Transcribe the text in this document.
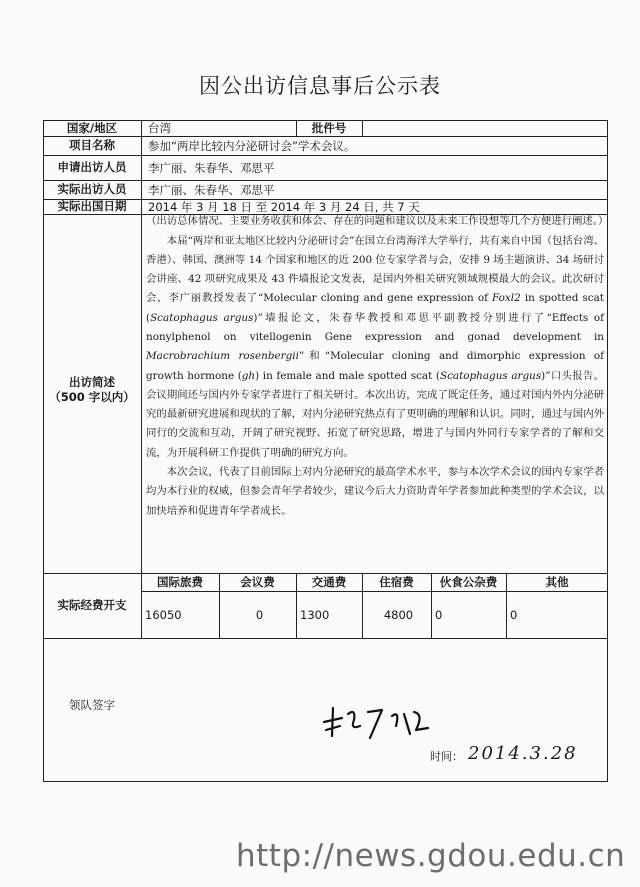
因公出访信息事后公示表
国家/地区	台湾	批件号
项目名称	参加“两岸比较内分泌研讨会”学术会议。
申请出访人员	李广丽、朱春华、邓思平
实际出访人员	李广丽、朱春华、邓思平
实际出国日期	2014 年 3 月 18 日 至 2014 年 3 月 24 日, 共 7 天
出访简述
（500 字以内）

（出访总体情况、主要业务收获和体会、存在的问题和建议以及未来工作设想等几个方便进行阐述。）

本届“两岸和亚太地区比较内分泌研讨会”在国立台湾海洋大学举行，共有来自中国（包括台湾、香港）、韩国、澳洲等 14 个国家和地区的近 200 位专家学者与会，安排 9 场主题演讲、34 场研讨会讲座、42 项研究成果及 43 件墙报论文发表，是国内外相关研究领域规模最大的会议。此次研讨会，李广丽教授发表了“Molecular cloning and gene expression of Foxl2 in spotted scat (Scatophagus argus)”墙报论文，朱春华教授和邓思平副教授分别进行了“Effects of nonylphenol on vitellogenin Gene expression and gonad development in Macrobrachium rosenbergii”和“Molecular cloning and dimorphic expression of growth hormone (gh) in female and male spotted scat (Scatophagus argus)”口头报告。会议期间还与国内外专家学者进行了相关研讨。本次出访，完成了既定任务，通过对国内外内分泌研究的最新研究进展和现状的了解，对内分泌研究热点有了更明确的理解和认识。同时，通过与国内外同行的交流和互动，开阔了研究视野、拓宽了研究思路，增进了与国内外同行专家学者的了解和交流，为开展科研工作提供了明确的研究方向。

本次会议，代表了目前国际上对内分泌研究的最高学术水平，参与本次学术会议的国内专家学者均为本行业的权威，但参会青年学者较少，建议今后大力资助青年学者参加此种类型的学术会议，以加快培养和促进青年学者成长。

实际经费开支
国际旅费	会议费	交通费	住宿费	伙食公杂费	其他
16050	0	1300	4800	0	0
领队签字
时间： 2014.3.28
http://news.gdou.edu.cn
